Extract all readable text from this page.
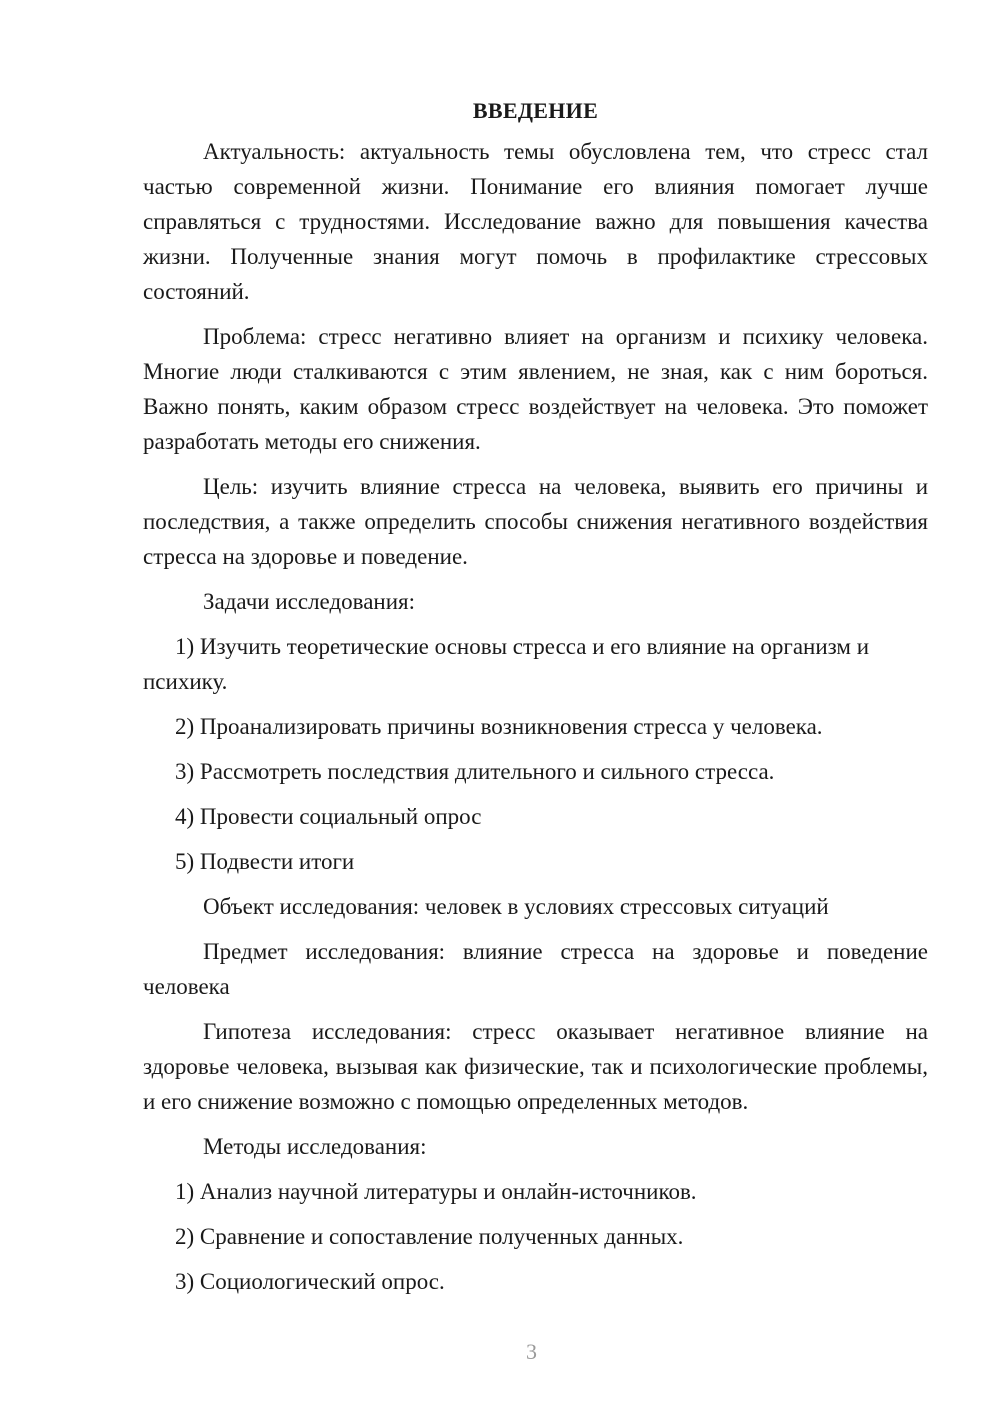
ВВЕДЕНИЕ

Актуальность: актуальность темы обусловлена тем, что стресс стал частью современной жизни. Понимание его влияния помогает лучше справляться с трудностями. Исследование важно для повышения качества жизни. Полученные знания могут помочь в профилактике стрессовых состояний.

Проблема: стресс негативно влияет на организм и психику человека. Многие люди сталкиваются с этим явлением, не зная, как с ним бороться. Важно понять, каким образом стресс воздействует на человека. Это поможет разработать методы его снижения.

Цель: изучить влияние стресса на человека, выявить его причины и последствия, а также определить способы снижения негативного воздействия стресса на здоровье и поведение.

Задачи исследования:

1) Изучить теоретические основы стресса и его влияние на организм и психику.

2) Проанализировать причины возникновения стресса у человека.

3) Рассмотреть последствия длительного и сильного стресса.

4) Провести социальный опрос

5) Подвести итоги

Объект исследования: человек в условиях стрессовых ситуаций

Предмет исследования: влияние стресса на здоровье и поведение человека

Гипотеза исследования: стресс оказывает негативное влияние на здоровье человека, вызывая как физические, так и психологические проблемы, и его снижение возможно с помощью определенных методов.

Методы исследования:

1) Анализ научной литературы и онлайн-источников.

2) Сравнение и сопоставление полученных данных.

3) Социологический опрос.

3
